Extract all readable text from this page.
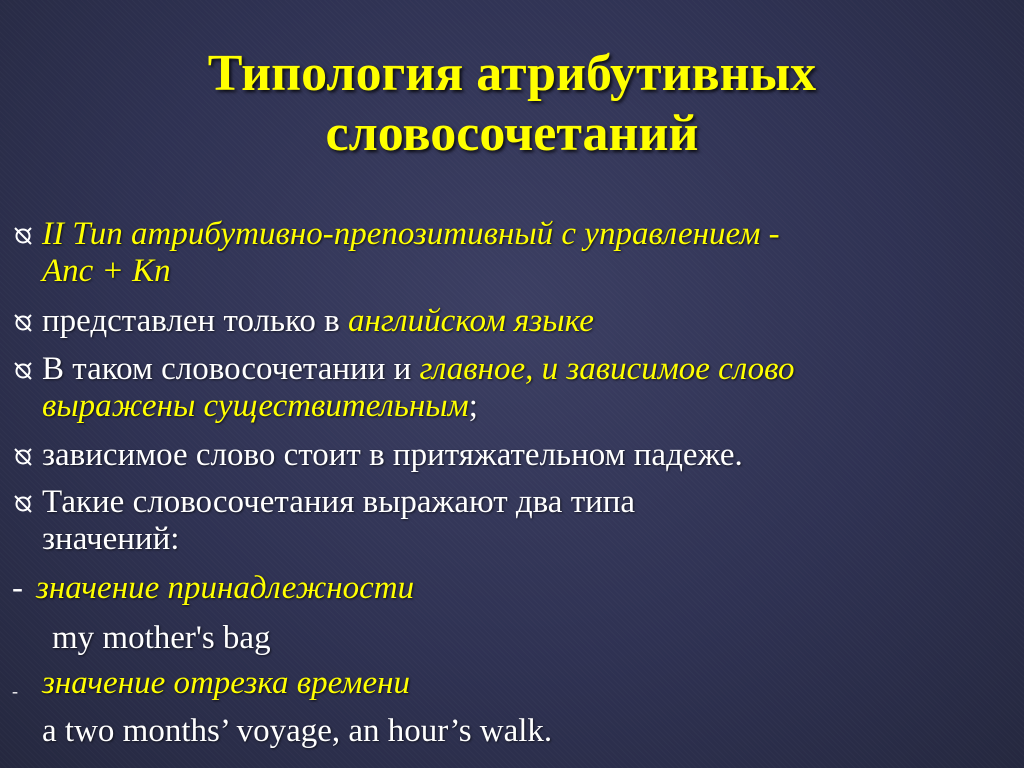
Типология атрибутивных
словосочетаний
II Тип атрибутивно-препозитивный с управлением -
Anc + Kn
представлен только в английском языке
В таком словосочетании и главное, и зависимое слово
выражены существительным;
зависимое слово стоит в притяжательном падеже.
Такие словосочетания выражают два типа
значений:
- значение принадлежности
my mother's bag
- значение отрезка времени
a two months’ voyage, an hour’s walk.
